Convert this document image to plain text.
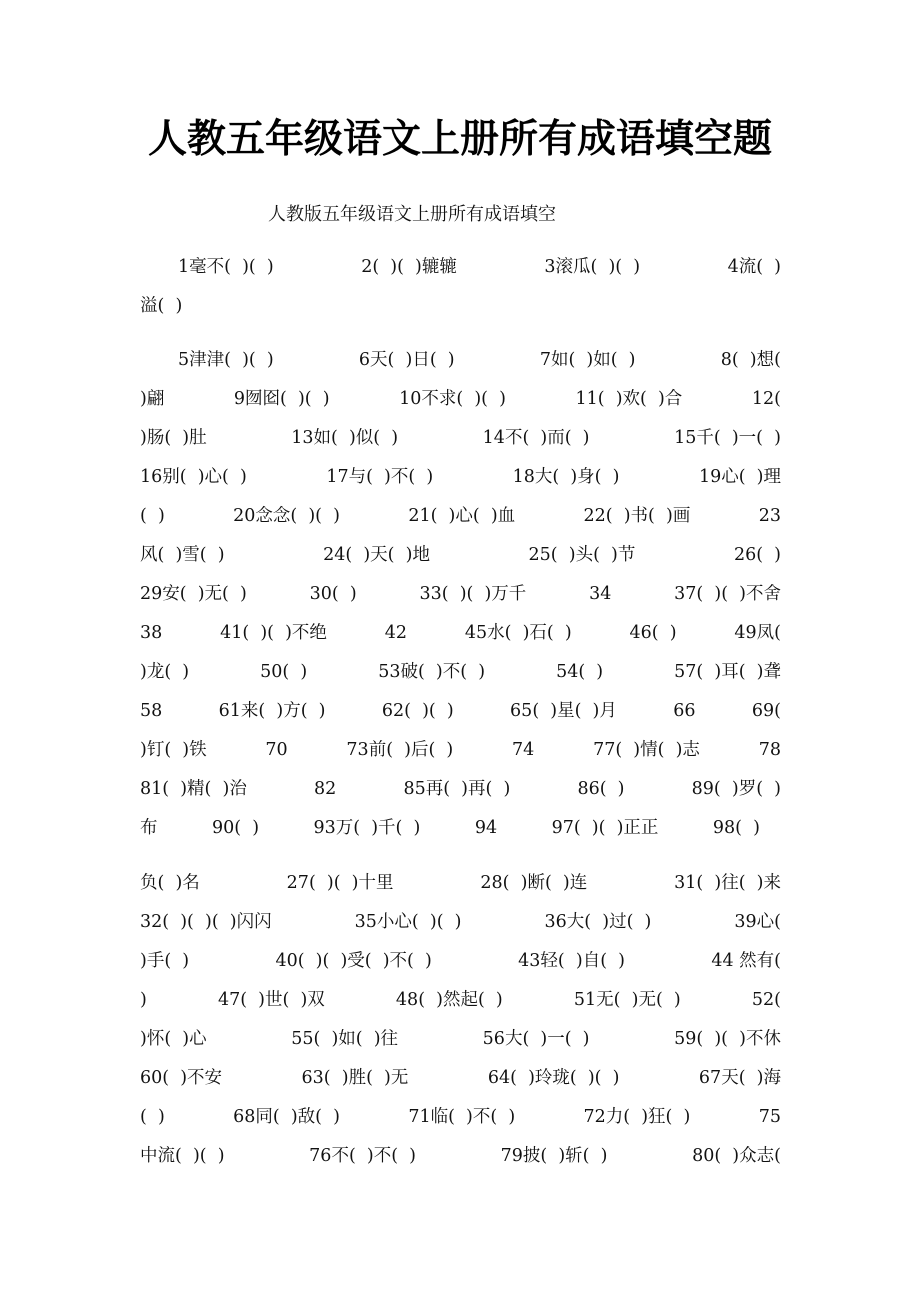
人教五年级语文上册所有成语填空题
人教版五年级语文上册所有成语填空
1毫不(  )(  )	2(  )(  )辘辘	3滚瓜(  )(  )	4流(  )
溢(  )
5津津(  )(  )	6天(  )日(  )	7如(  )如(  )	8(  )想(
)翩	9囫囵(  )(  )	10不求(  )(  )	11(  )欢(  )合	12(
)肠(  )肚	13如(  )似(  )	14不(  )而(  )	15千(  )一(  )
16别(  )心(  )	17与(  )不(  )	18大(  )身(  )	19心(  )理
(  )	20念念(  )(  )	21(  )心(  )血	22(  )书(  )画	23
风(  )雪(  )	24(  )天(  )地	25(  )头(  )节	26(  )
29安(  )无(  )	30(  )	33(  )(  )万千	34	37(  )(  )不舍
38	41(  )(  )不绝	42	45水(  )石(  )	46(  )	49凤(
)龙(  )	50(  )	53破(  )不(  )	54(  )	57(  )耳(  )聋
58	61来(  )方(  )	62(  )(  )	65(  )星(  )月	66	69(
)钉(  )铁	70	73前(  )后(  )	74	77(  )情(  )志	78
81(  )精(  )治	82	85再(  )再(  )	86(  )	89(  )罗(  )
布	90(  )	93万(  )千(  )	94	97(  )(  )正正	98(  )
负(  )名	27(  )(  )十里	28(  )断(  )连	31(  )往(  )来
32(  )(  )(  )闪闪	35小心(  )(  )	36大(  )过(  )	39心(
)手(  )	40(  )(  )受(  )不(  )	43轻(  )自(  )	44 然有(
)	47(  )世(  )双	48(  )然起(  )	51无(  )无(  )	52(
)怀(  )心	55(  )如(  )往	56大(  )一(  )	59(  )(  )不休
60(  )不安	63(  )胜(  )无	64(  )玲珑(  )(  )	67天(  )海
(  )	68同(  )敌(  )	71临(  )不(  )	72力(  )狂(  )	75
中流(  )(  )	76不(  )不(  )	79披(  )斩(  )	80(  )众志(
